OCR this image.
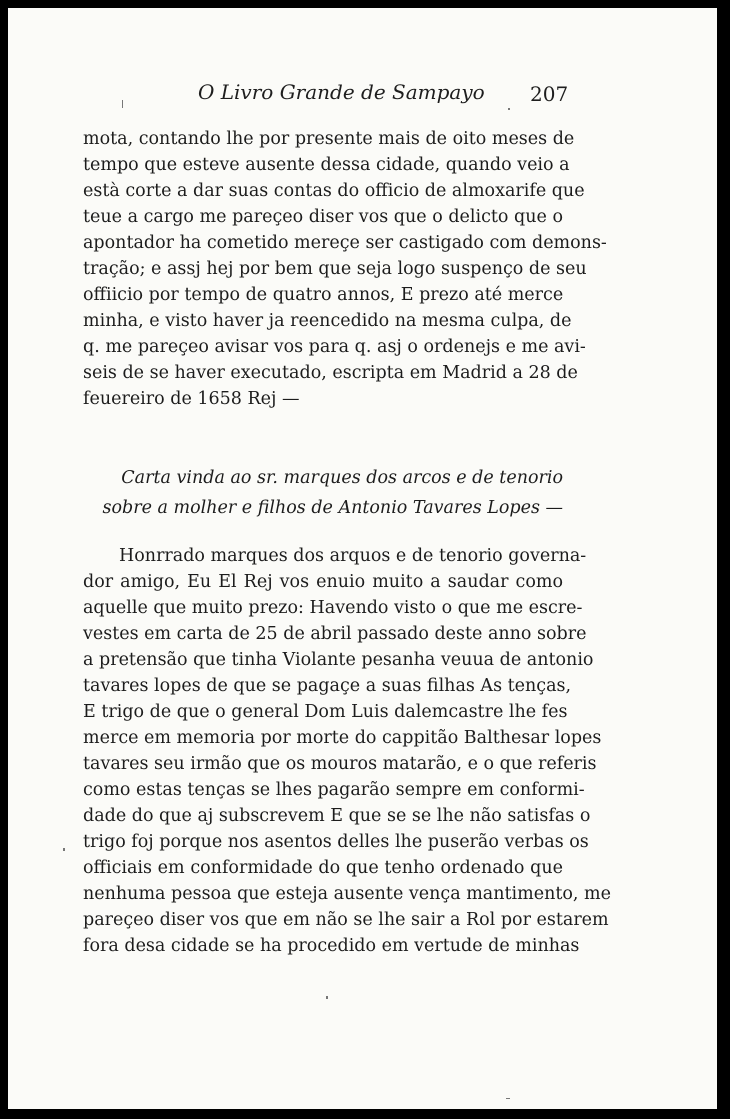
O Livro Grande de Sampayo 207
mota, contando lhe por presente mais de oito meses de
tempo que esteve ausente dessa cidade, quando veio a
està corte a dar suas contas do officio de almoxarife que
teue a cargo me pareçeo diser vos que o delicto que o
apontador ha cometido mereçe ser castigado com demons-
tração; e assj hej por bem que seja logo suspenço de seu
offiicio por tempo de quatro annos, E prezo até merce
minha, e visto haver ja reencedido na mesma culpa, de
q. me pareçeo avisar vos para q. asj o ordenejs e me avi-
seis de se haver executado, escripta em Madrid a 28 de
feuereiro de 1658 Rej —
Carta vinda ao sr. marques dos arcos e de tenorio
sobre a molher e filhos de Antonio Tavares Lopes —
Honrrado marques dos arquos e de tenorio governa-
dor amigo, Eu El Rej vos enuio muito a saudar como
aquelle que muito prezo: Havendo visto o que me escre-
vestes em carta de 25 de abril passado deste anno sobre
a pretensão que tinha Violante pesanha veuua de antonio
tavares lopes de que se pagaçe a suas filhas As tenças,
E trigo de que o general Dom Luis dalemcastre lhe fes
merce em memoria por morte do cappitão Balthesar lopes
tavares seu irmão que os mouros matarão, e o que referis
como estas tenças se lhes pagarão sempre em conformi-
dade do que aj subscrevem E que se se lhe não satisfas o
trigo foj porque nos asentos delles lhe puserão verbas os
officiais em conformidade do que tenho ordenado que
nenhuma pessoa que esteja ausente vença mantimento, me
pareçeo diser vos que em não se lhe sair a Rol por estarem
fora desa cidade se ha procedido em vertude de minhas
